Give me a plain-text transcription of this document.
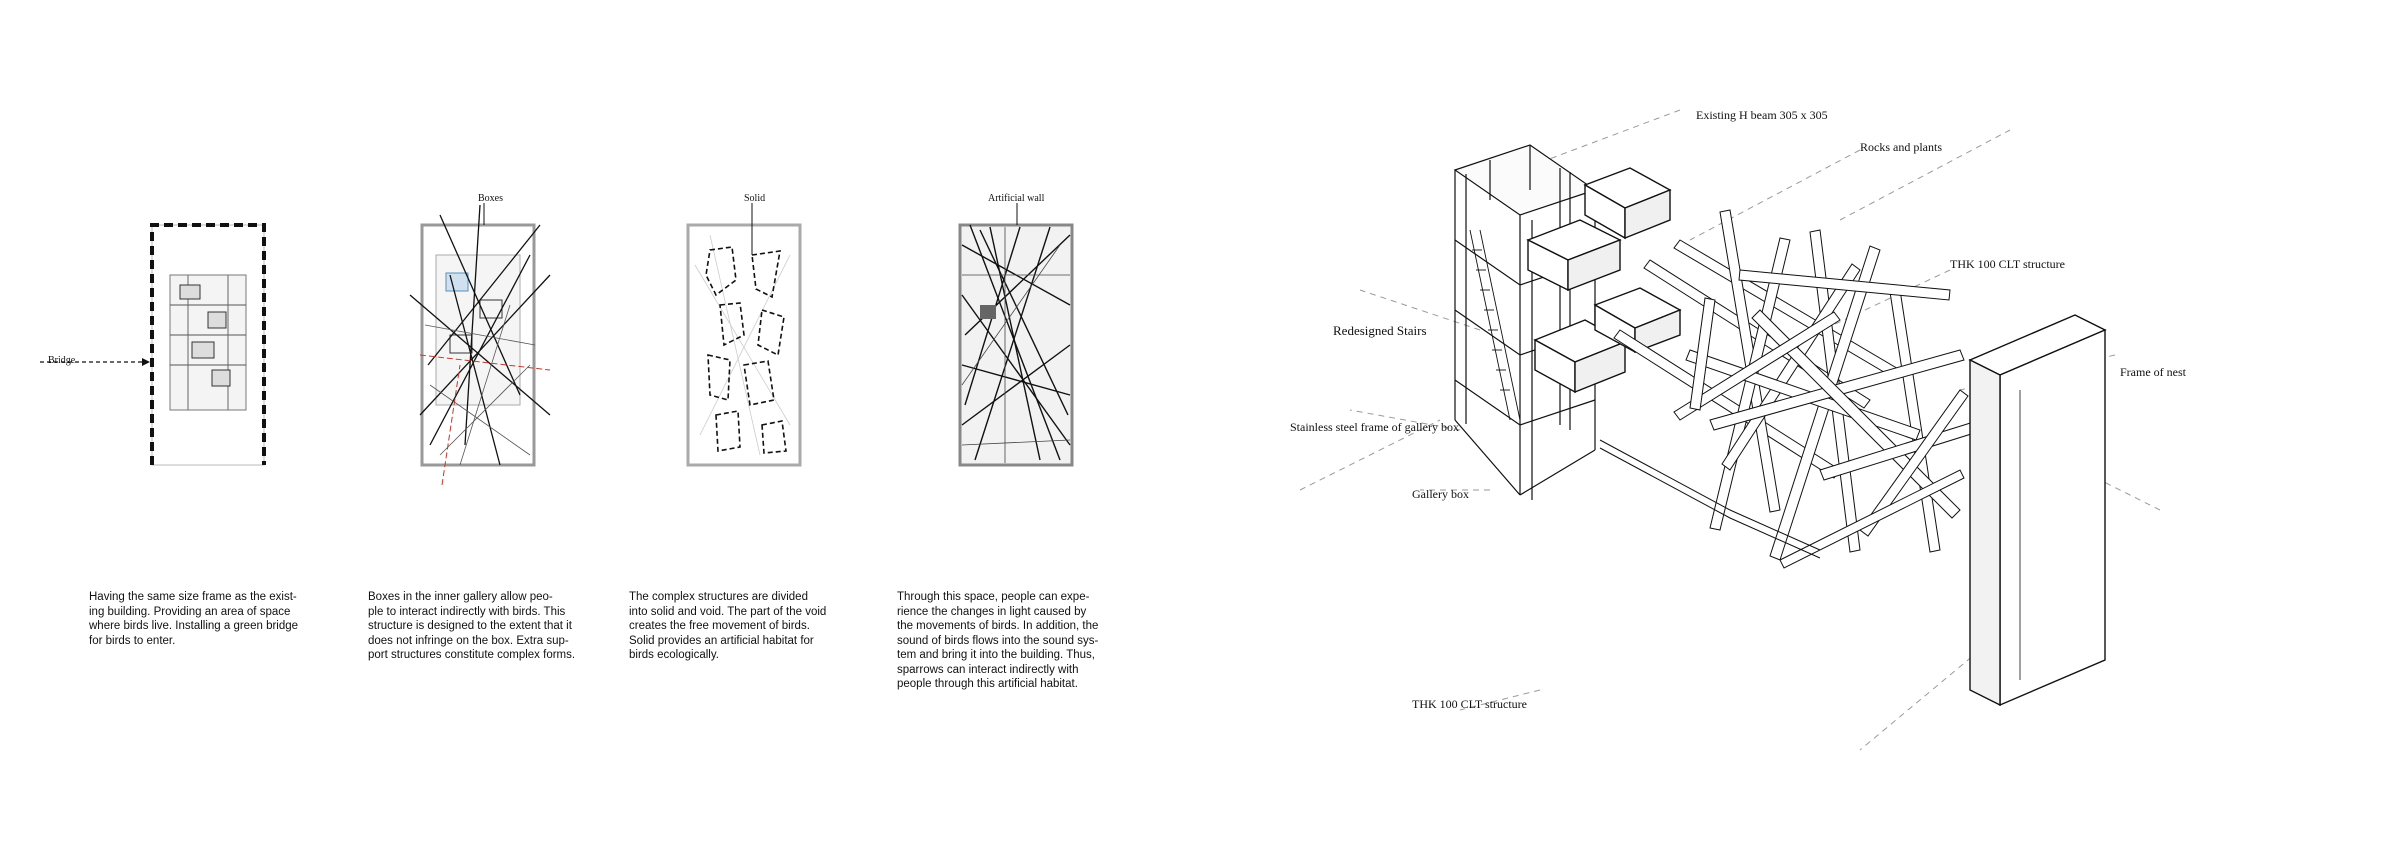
Bridge
Having the same size frame as the exist-
ing building. Providing an area of space
where birds live. Installing a green bridge
for birds to enter.
Boxes
Boxes in the inner gallery allow peo-
ple to interact indirectly with birds. This
structure is designed to the extent that it
does not infringe on the box. Extra sup-
port structures constitute complex forms.
Solid
The complex structures are divided
into solid and void. The part of the void
creates the free movement of birds.
Solid provides an artificial habitat for
birds ecologically.
Artificial wall
Through this space, people can expe-
rience the changes in light caused by
the movements of birds. In addition, the
sound of birds flows into the sound sys-
tem and bring it into the building. Thus,
sparrows can interact indirectly with
people through this artificial habitat.
Existing H beam 305 x 305
Rocks and plants
THK 100 CLT structure
Redesigned Stairs
Frame of nest
Stainless steel frame of gallery box
Gallery box
THK 100 CLT structure
